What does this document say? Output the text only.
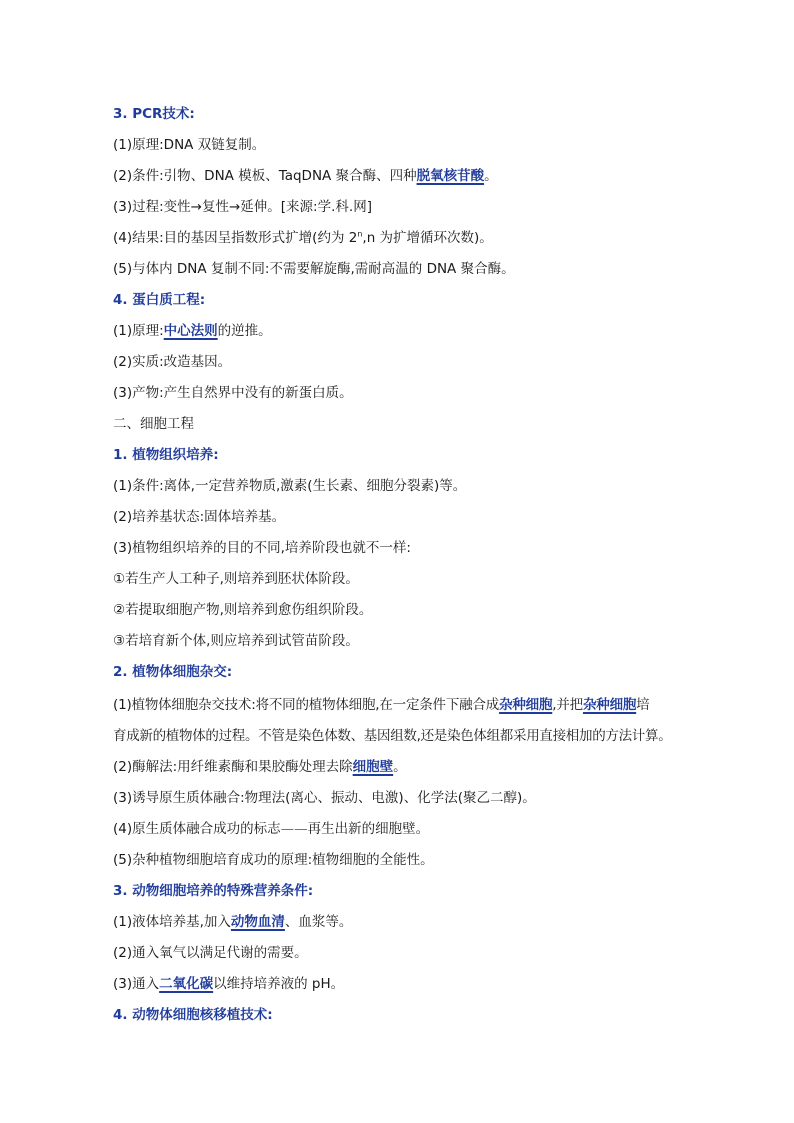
3. PCR技术:
(1)原理:DNA 双链复制。
(2)条件:引物、DNA 模板、TaqDNA 聚合酶、四种脱氧核苷酸。
(3)过程:变性→复性→延伸。[来源:学.科.网]
(4)结果:目的基因呈指数形式扩增(约为 2$^n$,n 为扩增循环次数)。
(5)与体内 DNA 复制不同:不需要解旋酶,需耐高温的 DNA 聚合酶。
4. 蛋白质工程:
(1)原理:中心法则的逆推。
(2)实质:改造基因。
(3)产物:产生自然界中没有的新蛋白质。
二、细胞工程
1. 植物组织培养:
(1)条件:离体,一定营养物质,激素(生长素、细胞分裂素)等。
(2)培养基状态:固体培养基。
(3)植物组织培养的目的不同,培养阶段也就不一样:
①若生产人工种子,则培养到胚状体阶段。
②若提取细胞产物,则培养到愈伤组织阶段。
③若培育新个体,则应培养到试管苗阶段。
2. 植物体细胞杂交:
(1)植物体细胞杂交技术:将不同的植物体细胞,在一定条件下融合成杂种细胞,并把杂种细胞培
育成新的植物体的过程。不管是染色体数、基因组数,还是染色体组都采用直接相加的方法计算。
(2)酶解法:用纤维素酶和果胶酶处理去除细胞壁。
(3)诱导原生质体融合:物理法(离心、振动、电激)、化学法(聚乙二醇)。
(4)原生质体融合成功的标志——再生出新的细胞壁。
(5)杂种植物细胞培育成功的原理:植物细胞的全能性。
3. 动物细胞培养的特殊营养条件:
(1)液体培养基,加入动物血清、血浆等。
(2)通入氧气以满足代谢的需要。
(3)通入二氧化碳以维持培养液的 pH。
4. 动物体细胞核移植技术:
